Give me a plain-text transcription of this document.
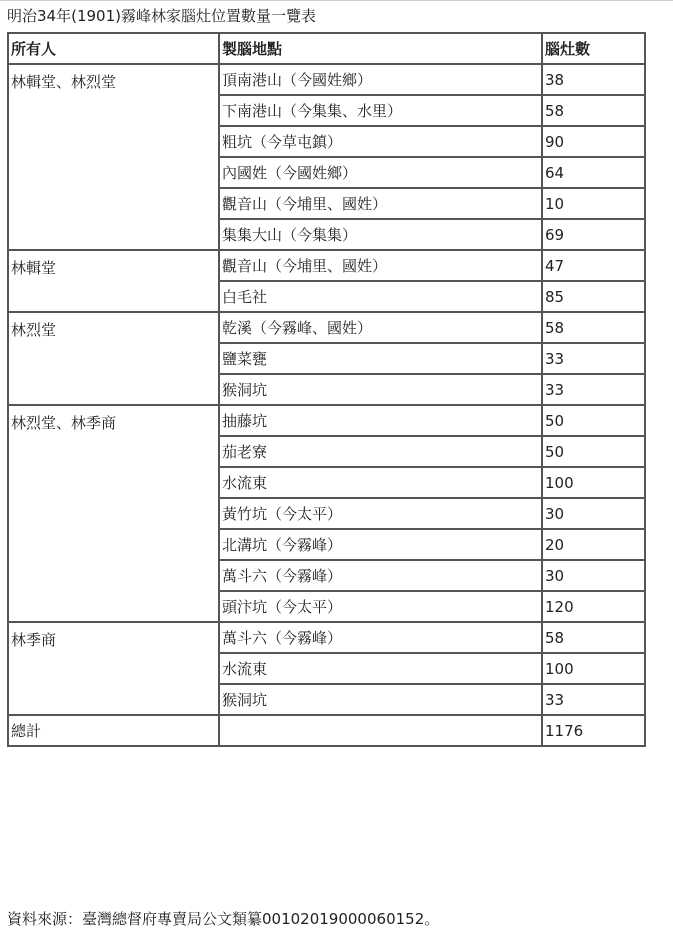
明治34年(1901)霧峰林家腦灶位置數量一覽表
所有人	製腦地點	腦灶數
林輯堂、林烈堂	頂南港山（今國姓鄉）	38
	下南港山（今集集、水里）	58
	粗坑（今草屯鎮）	90
	內國姓（今國姓鄉）	64
	觀音山（今埔里、國姓）	10
	集集大山（今集集）	69
林輯堂	觀音山（今埔里、國姓）	47
	白毛社	85
林烈堂	乾溪（今霧峰、國姓）	58
	鹽菜甕	33
	猴洞坑	33
林烈堂、林季商	抽藤坑	50
	茄老寮	50
	水流東	100
	黃竹坑（今太平）	30
	北溝坑（今霧峰）	20
	萬斗六（今霧峰）	30
	頭汴坑（今太平）	120
林季商	萬斗六（今霧峰）	58
	水流東	100
	猴洞坑	33
總計		1176
資料來源：臺灣總督府專賣局公文類纂00102019000060152。
